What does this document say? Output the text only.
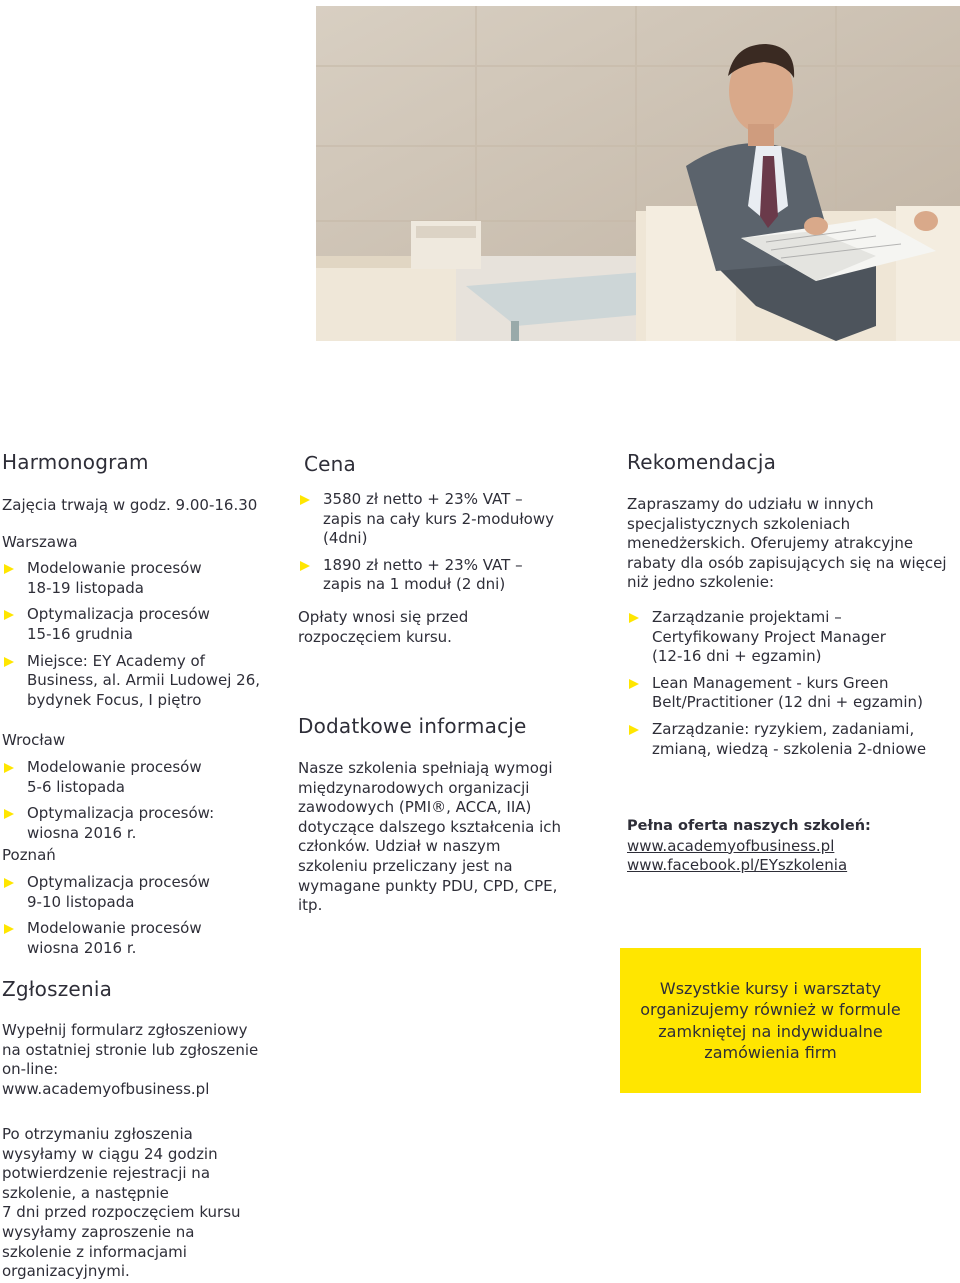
Harmonogram
Zajęcia trwają w godz. 9.00-16.30
Warszawa
Modelowanie procesów
18-19 listopada
Optymalizacja procesów
15-16 grudnia
Miejsce: EY Academy of
Business, al. Armii Ludowej 26,
bydynek Focus, I piętro
Wrocław
Modelowanie procesów
5-6 listopada
Optymalizacja procesów:
wiosna 2016 r.
Poznań
Optymalizacja procesów
9-10 listopada
Modelowanie procesów
wiosna 2016 r.
Zgłoszenia
Wypełnij formularz zgłoszeniowy
na ostatniej stronie lub zgłoszenie
on-line:
www.academyofbusiness.pl
Po otrzymaniu zgłoszenia
wysyłamy w ciągu 24 godzin
potwierdzenie rejestracji na
szkolenie, a następnie
7 dni przed rozpoczęciem kursu
wysyłamy zaproszenie na
szkolenie z informacjami
organizacyjnymi.
Cena
3580 zł netto + 23% VAT –
zapis na cały kurs 2-modułowy
(4dni)
1890 zł netto + 23% VAT –
zapis na 1 moduł (2 dni)
Opłaty wnosi się przed
rozpoczęciem kursu.
Dodatkowe informacje
Nasze szkolenia spełniają wymogi
międzynarodowych organizacji
zawodowych (PMI®, ACCA, IIA)
dotyczące dalszego kształcenia ich
członków. Udział w naszym
szkoleniu przeliczany jest na
wymagane punkty PDU, CPD, CPE,
itp.
Rekomendacja
Zapraszamy do udziału w innych
specjalistycznych szkoleniach
menedżerskich. Oferujemy atrakcyjne
rabaty dla osób zapisujących się na więcej
niż jedno szkolenie:
Zarządzanie projektami –
Certyfikowany Project Manager
(12-16 dni + egzamin)
Lean Management - kurs Green
Belt/Practitioner (12 dni + egzamin)
Zarządzanie: ryzykiem, zadaniami,
zmianą, wiedzą - szkolenia 2-dniowe
Pełna oferta naszych szkoleń:
www.academyofbusiness.pl
www.facebook.pl/EYszkolenia
Wszystkie kursy i warsztaty
organizujemy również w formule
zamkniętej na indywidualne
zamówienia firm
